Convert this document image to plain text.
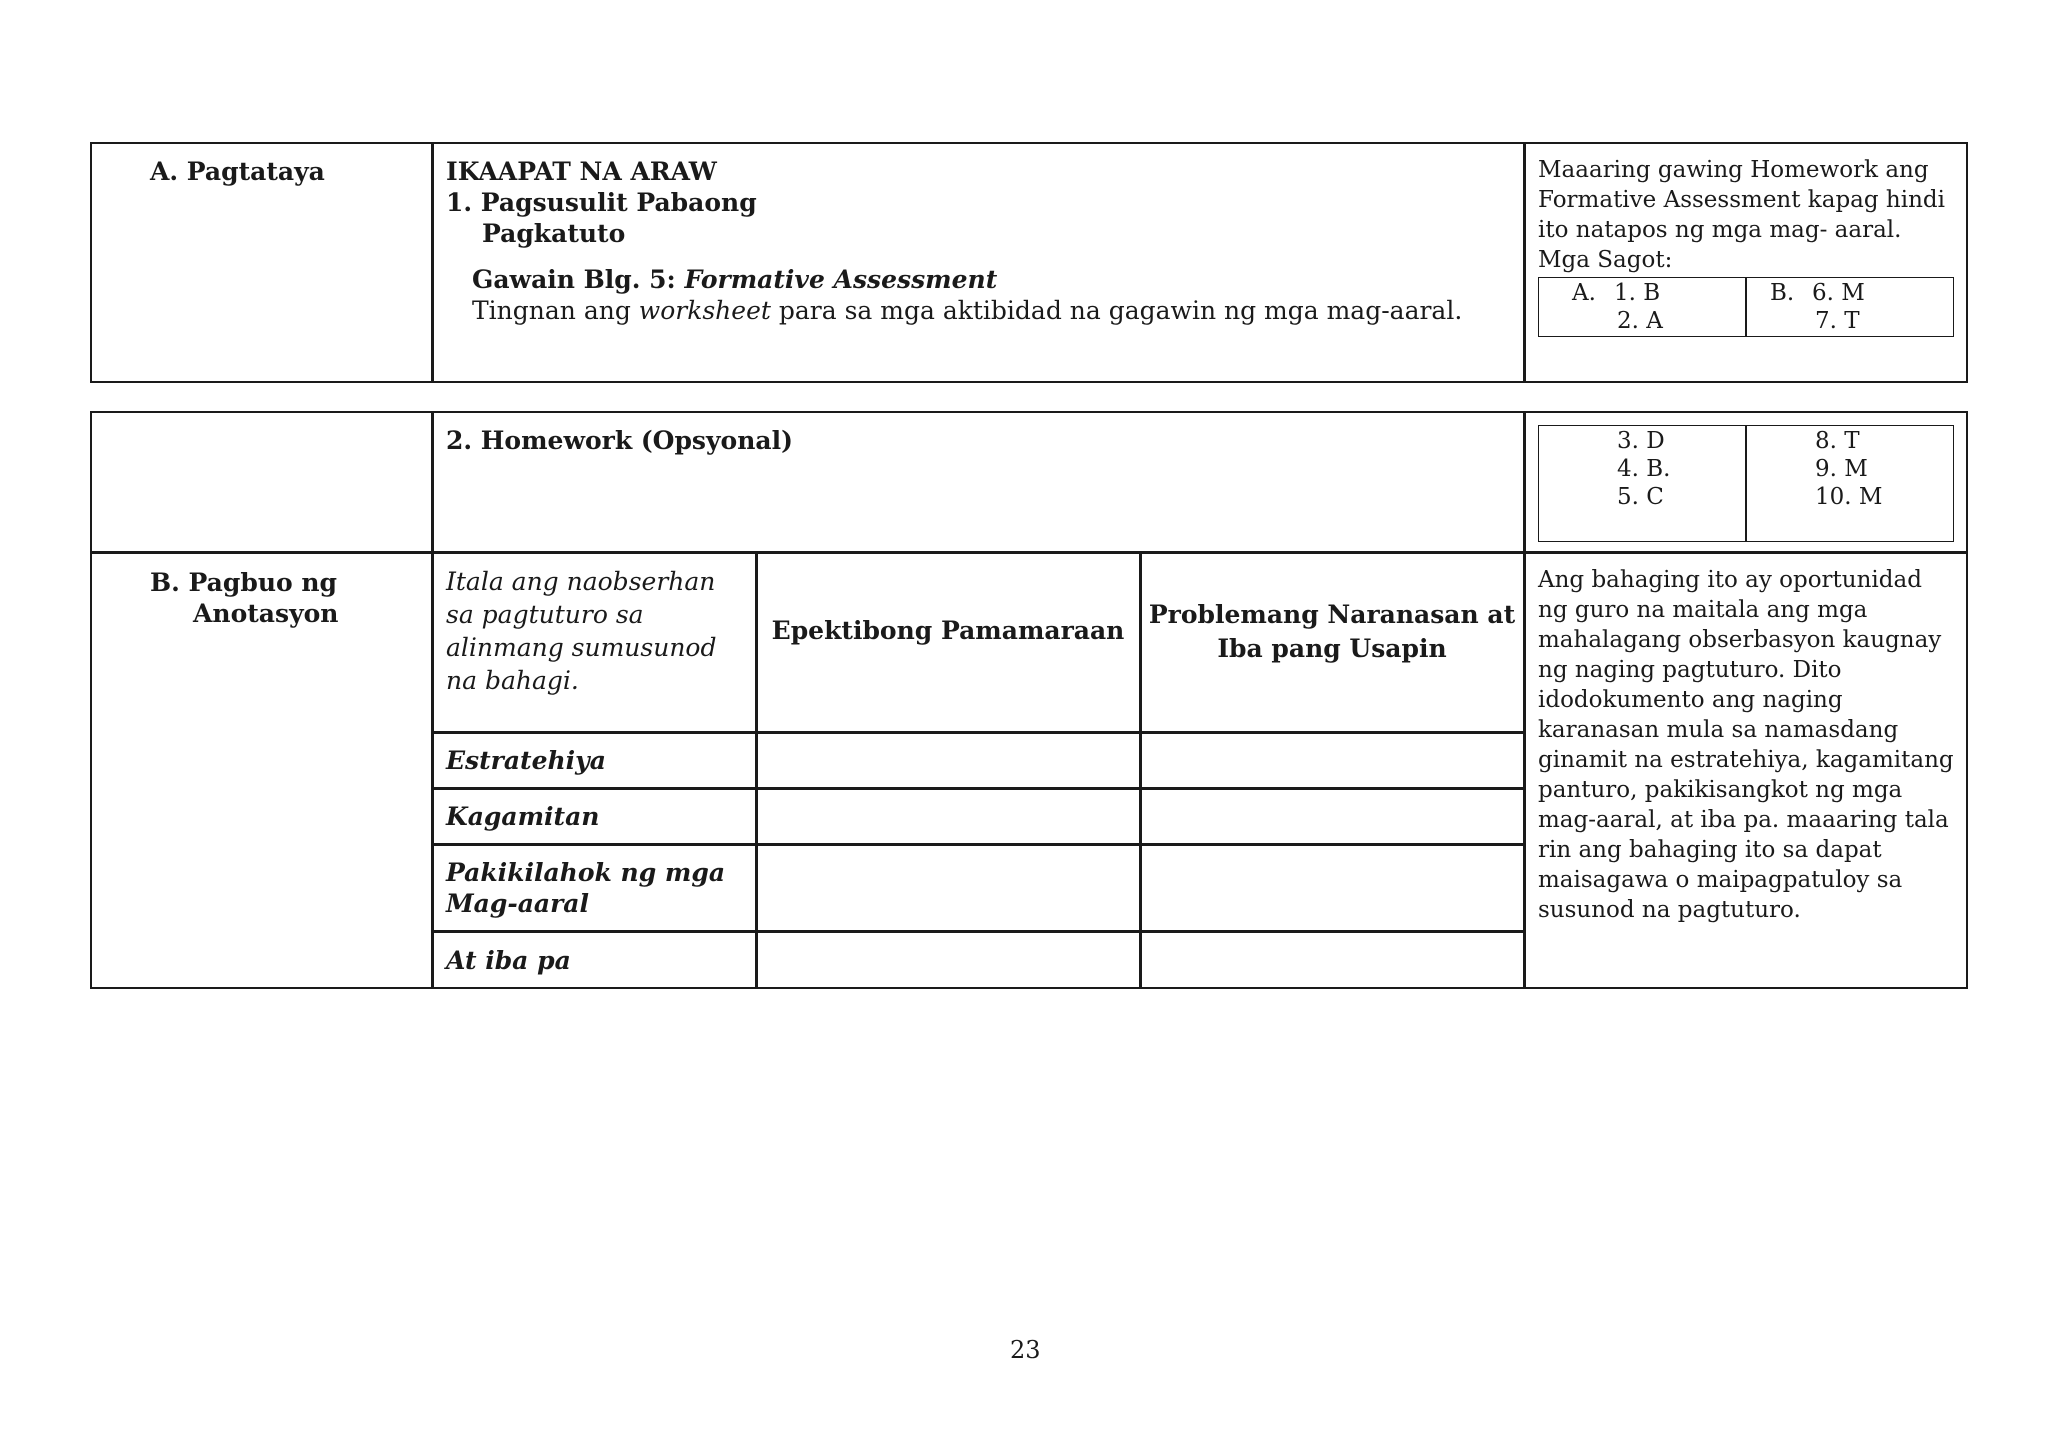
A. Pagtataya	IKAAPAT NA ARAW
1. Pagsusulit Pabaong
Pagkatuto
Gawain Blg. 5: Formative Assessment
Tingnan ang worksheet para sa mga aktibidad na gagawin ng mga mag-aaral.
Maaaring gawing Homework ang
Formative Assessment kapag hindi
ito natapos ng mga mag- aaral.
Mga Sagot:
A. 1. B
2. A
B. 6. M
7. T
2. Homework (Opsyonal)	3. D
4. B.
5. C
8. T
9. M
10. M
B. Pagbuo ng
Anotasyon
Itala ang naobserhan sa pagtuturo sa alinmang sumusunod na bahagi.
Epektibong Pamamaraan
Problemang Naranasan at Iba pang Usapin
Estratehiya
Kagamitan
Pakikilahok ng mga Mag-aaral
At iba pa
Ang bahaging ito ay oportunidad ng guro na maitala ang mga mahalagang obserbasyon kaugnay ng naging pagtuturo. Dito idodokumento ang naging karanasan mula sa namasdang ginamit na estratehiya, kagamitang panturo, pakikisangkot ng mga mag-aaral, at iba pa. maaaring tala rin ang bahaging ito sa dapat maisagawa o maipagpatuloy sa susunod na pagtuturo.
23
